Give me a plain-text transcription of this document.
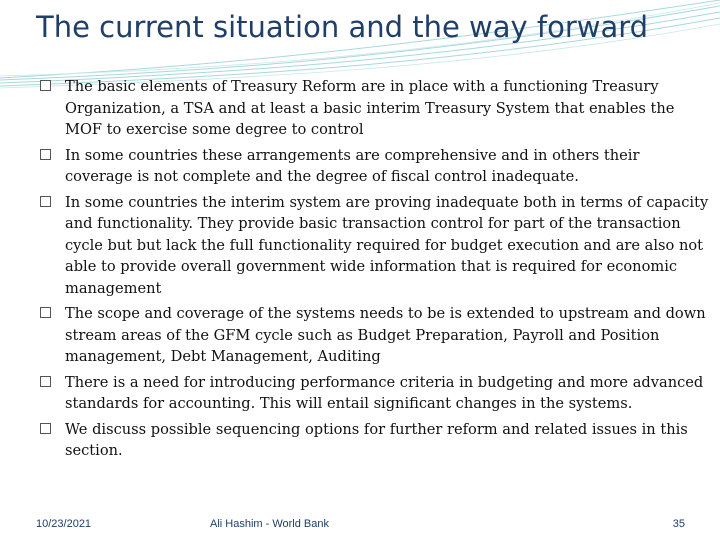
The current situation and the way forward
The basic elements of Treasury Reform are in place with a functioning Treasury Organization, a TSA and at least a basic interim Treasury System that enables the MOF to exercise some degree to control
In some countries these arrangements are comprehensive and in others their coverage is not complete and the degree of fiscal control inadequate.
In some countries the interim system are proving inadequate both in terms of capacity and functionality. They provide basic transaction control for part of the transaction cycle but but lack the full functionality required for budget execution and are also not able to provide overall government wide information that is required for economic management
The scope and coverage of the systems needs to be is extended to upstream and down stream areas of the GFM cycle such as Budget Preparation, Payroll and Position management, Debt Management, Auditing
There is a need for introducing performance criteria in budgeting and more advanced standards for accounting. This will entail significant changes in the systems.
We discuss possible sequencing options for further reform and related issues in this section.
10/23/2021	Ali Hashim - World Bank	35
